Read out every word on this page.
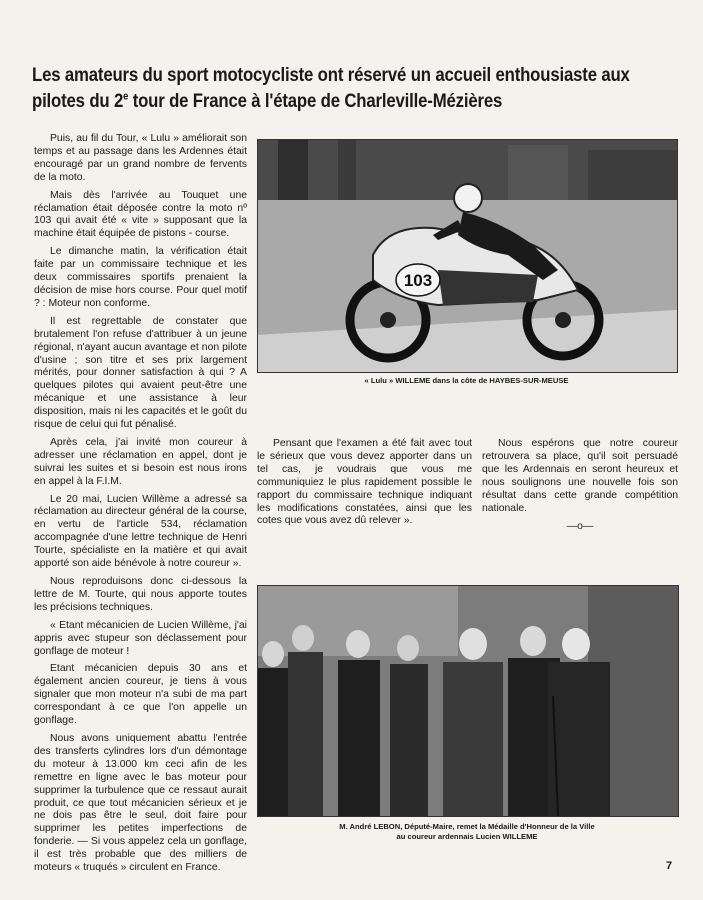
Les amateurs du sport motocycliste ont réservé un accueil enthousiaste aux pilotes du 2e tour de France à l'étape de Charleville-Mézières

Puis, au fil du Tour, « Lulu » améliorait son temps et au passage dans les Ardennes était encouragé par un grand nombre de fervents de la moto.

Mais dès l'arrivée au Touquet une réclamation était déposée contre la moto nº 103 qui avait été « vite » supposant que la machine était équipée de pistons - course.

Le dimanche matin, la vérification était faite par un commissaire technique et les deux commissaires sportifs prenaient la décision de mise hors course. Pour quel motif ? : Moteur non conforme.

Il est regrettable de constater que brutalement l'on refuse d'attribuer à un jeune régional, n'ayant aucun avantage et non pilote d'usine ; son titre et ses prix largement mérités, pour donner satisfaction à qui ? A quelques pilotes qui avaient peut-être une mécanique et une assistance à leur disposition, mais ni les capacités et le goût du risque de celui qui fut pénalisé.

Après cela, j'ai invité mon coureur à adresser une réclamation en appel, dont je suivrai les suites et si besoin est nous irons en appel à la F.I.M.

Le 20 mai, Lucien Willème a adressé sa réclamation au directeur général de la course, en vertu de l'article 534, réclamation accompagnée d'une lettre technique de Henri Tourte, spécialiste en la matière et qui avait apporté son aide bénévole à notre coureur ».

Nous reproduisons donc ci-dessous la lettre de M. Tourte, qui nous apporte toutes les précisions techniques.

« Etant mécanicien de Lucien Willème, j'ai appris avec stupeur son déclassement pour gonflage de moteur !

Etant mécanicien depuis 30 ans et également ancien coureur, je tiens à vous signaler que mon moteur n'a subi de ma part correspondant à ce que l'on appelle un gonflage.

Nous avons uniquement abattu l'entrée des transferts cylindres lors d'un démontage du moteur à 13.000 km ceci afin de les remettre en ligne avec le bas moteur pour supprimer la turbulence que ce ressaut aurait produit, ce que tout mécanicien sérieux et je ne dois pas être le seul, doit faire pour supprimer les petites imperfections de fonderie. — Si vous appelez cela un gonflage, il est très probable que des milliers de moteurs « truqués » circulent en France.

103
« Lulu » WILLEME dans la côte de HAYBES-SUR-MEUSE

Pensant que l'examen a été fait avec tout le sérieux que vous devez apporter dans un tel cas, je voudrais que vous me communiquiez le plus rapidement possible le rapport du commissaire technique indiquant les modifications constatées, ainsi que les cotes que vous avez dû relever ».

Nous espérons que notre coureur retrouvera sa place, qu'il soit persuadé que les Ardennais en seront heureux et nous soulignons une nouvelle fois son résultat dans cette grande compétition nationale.

—o—

M. André LEBON, Député-Maire, remet la Médaille d'Honneur de la Ville
au coureur ardennais Lucien WILLEME
7
